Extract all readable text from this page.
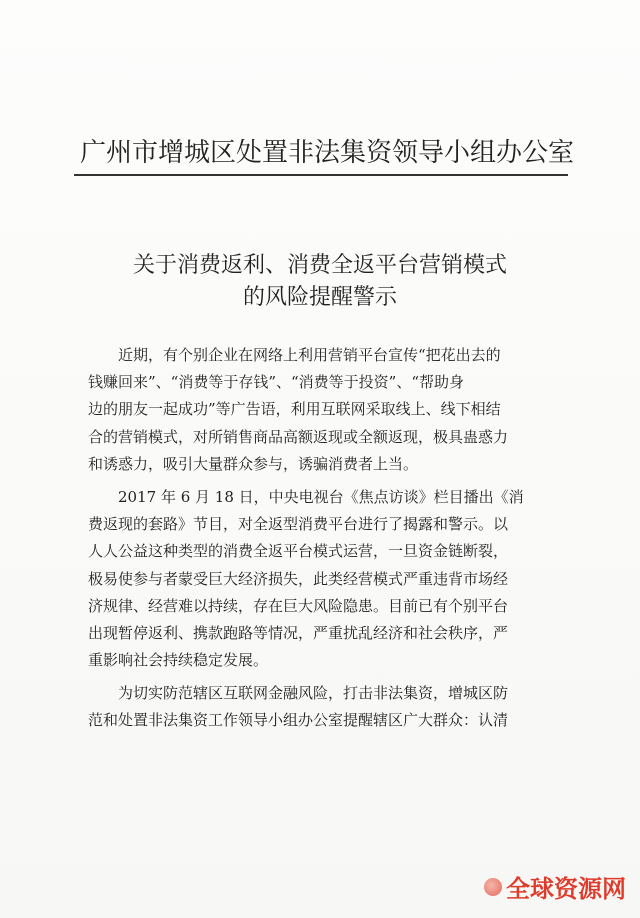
广州市增城区处置非法集资领导小组办公室
关于消费返利、消费全返平台营销模式
的风险提醒警示
　　近期，有个别企业在网络上利用营销平台宣传“把花出去的
钱赚回来”、“消费等于存钱”、“消费等于投资”、“帮助身
边的朋友一起成功”等广告语，利用互联网采取线上、线下相结
合的营销模式，对所销售商品高额返现或全额返现，极具蛊惑力
和诱惑力，吸引大量群众参与，诱骗消费者上当。
　　2017 年 6 月 18 日，中央电视台《焦点访谈》栏目播出《消
费返现的套路》节目，对全返型消费平台进行了揭露和警示。以
人人公益这种类型的消费全返平台模式运营，一旦资金链断裂，
极易使参与者蒙受巨大经济损失，此类经营模式严重违背市场经
济规律、经营难以持续，存在巨大风险隐患。目前已有个别平台
出现暂停返利、携款跑路等情况，严重扰乱经济和社会秩序，严
重影响社会持续稳定发展。
　　为切实防范辖区互联网金融风险，打击非法集资，增城区防
范和处置非法集资工作领导小组办公室提醒辖区广大群众：认清
全球资源网
